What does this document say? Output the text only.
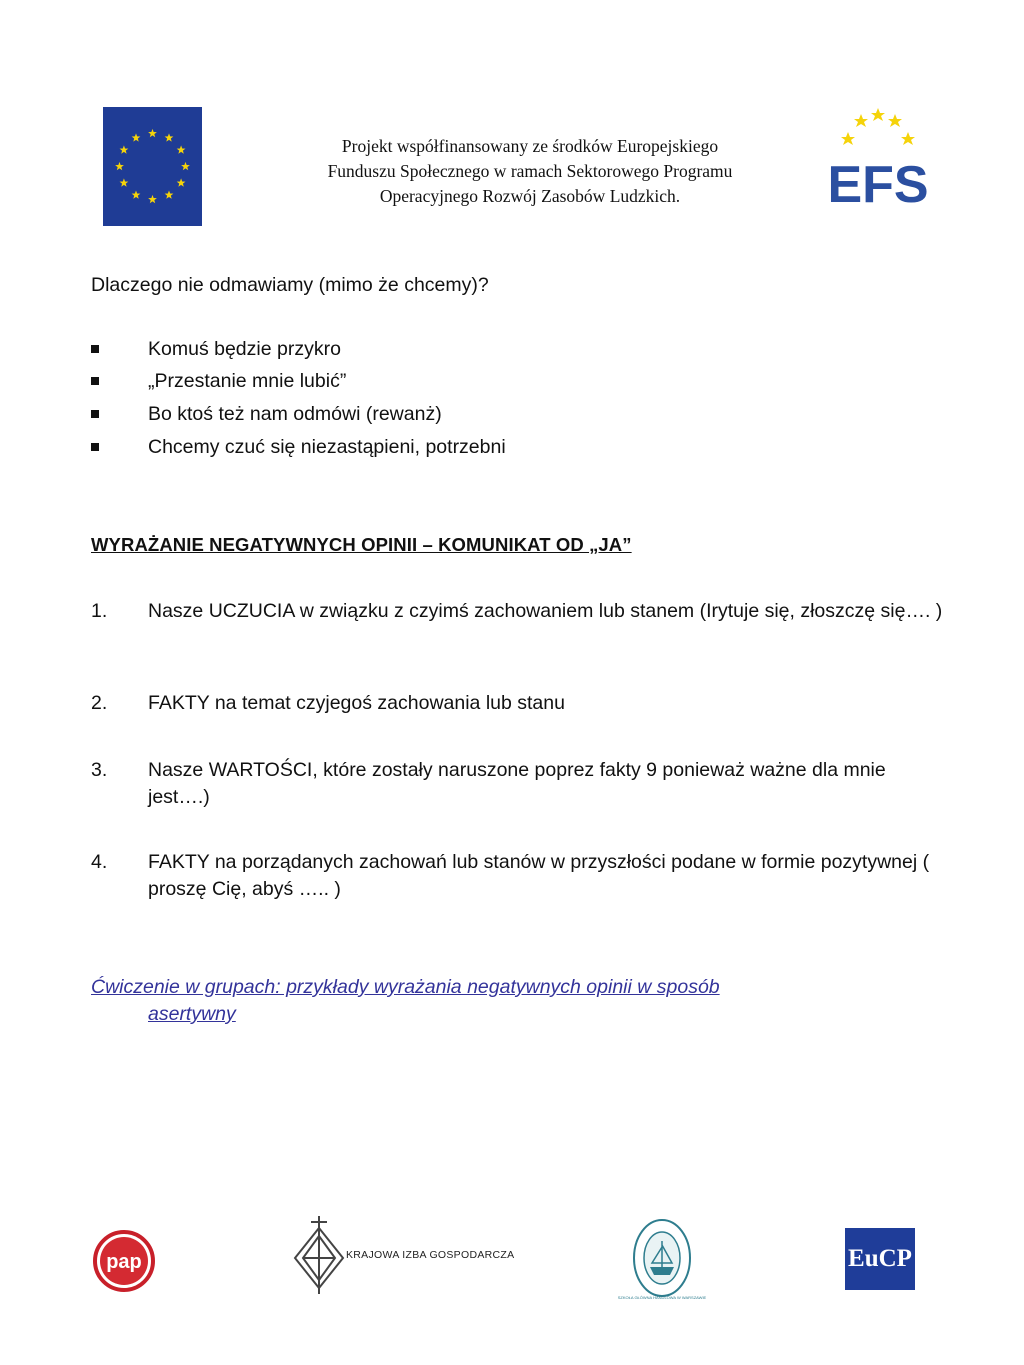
Projekt współfinansowany ze środków Europejskiego
Funduszu Społecznego w ramach Sektorowego Programu
Operacyjnego Rozwój Zasobów Ludzkich.	EFS
Dlaczego nie odmawiamy (mimo że chcemy)?
Komuś będzie przykro
„Przestanie mnie lubić”
Bo ktoś też nam odmówi (rewanż)
Chcemy czuć się niezastąpieni, potrzebni
WYRAŻANIE NEGATYWNYCH OPINII – KOMUNIKAT OD „JA”
1. Nasze UCZUCIA w związku z czyimś zachowaniem lub stanem (Irytuje się, złoszczę się…. )
2. FAKTY na temat czyjegoś zachowania lub stanu
3. Nasze WARTOŚCI, które zostały naruszone poprez fakty 9 ponieważ ważne dla mnie jest….)
4. FAKTY na porządanych zachowań lub stanów w przyszłości podane w formie pozytywnej ( proszę Cię, abyś ….. )
Ćwiczenie w grupach: przykłady wyrażania negatywnych opinii w sposób
asertywny
pap	KRAJOWA IZBA GOSPODARCZA
SZKOŁA GŁÓWNA HANDLOWA W WARSZAWIE
EuCP
